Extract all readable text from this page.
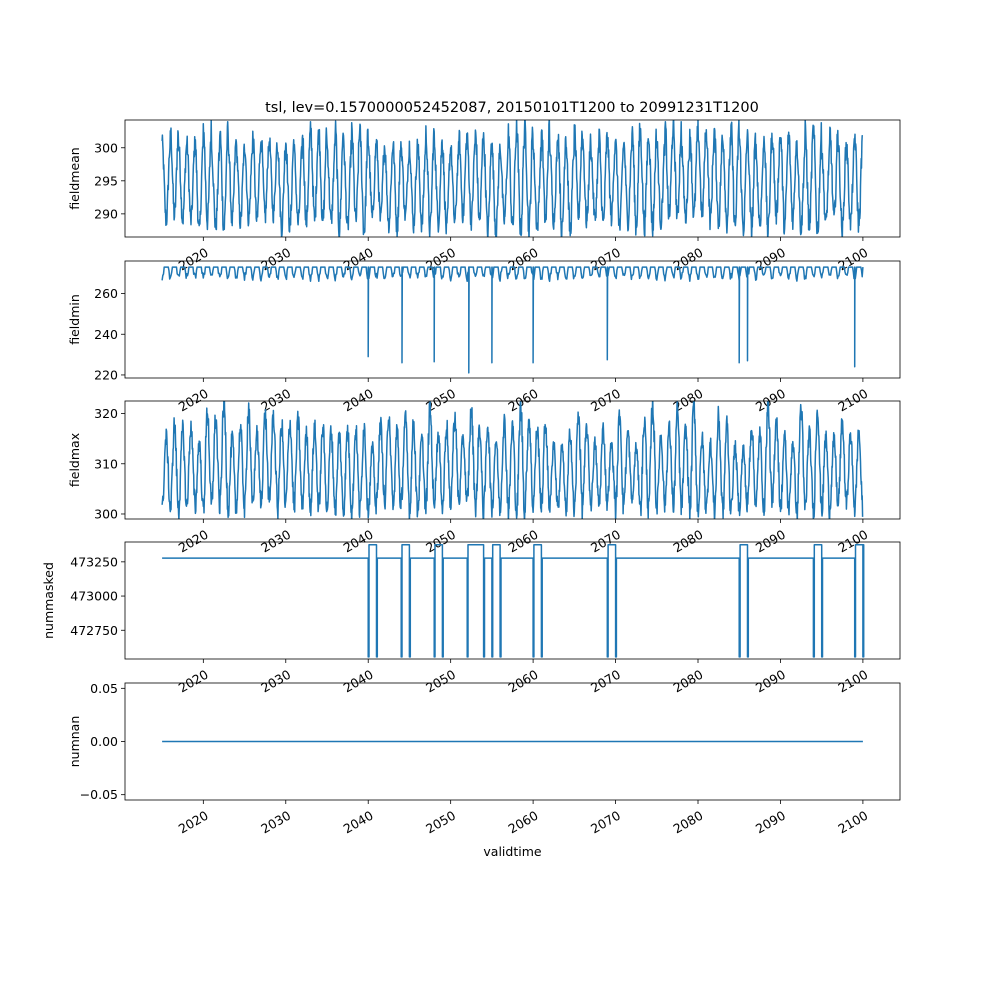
tsl, lev=0.1570000052452087, 20150101T1200 to 20991231T1200
290
295
300
fieldmean
2020	2030	2040	2050	2060	2070	2080	2090	2100
220
240
260
fieldmin
2020	2030	2040	2050	2060	2070	2080	2090	2100
300
310
320
fieldmax
2020	2030	2040	2050	2060	2070	2080	2090	2100
472750
473000
473250
nummasked
2020	2030	2040	2050	2060	2070	2080	2090	2100
−0.05
0.00
0.05
numnan
2020	2030	2040	2050	2060	2070	2080	2090	2100
validtime
